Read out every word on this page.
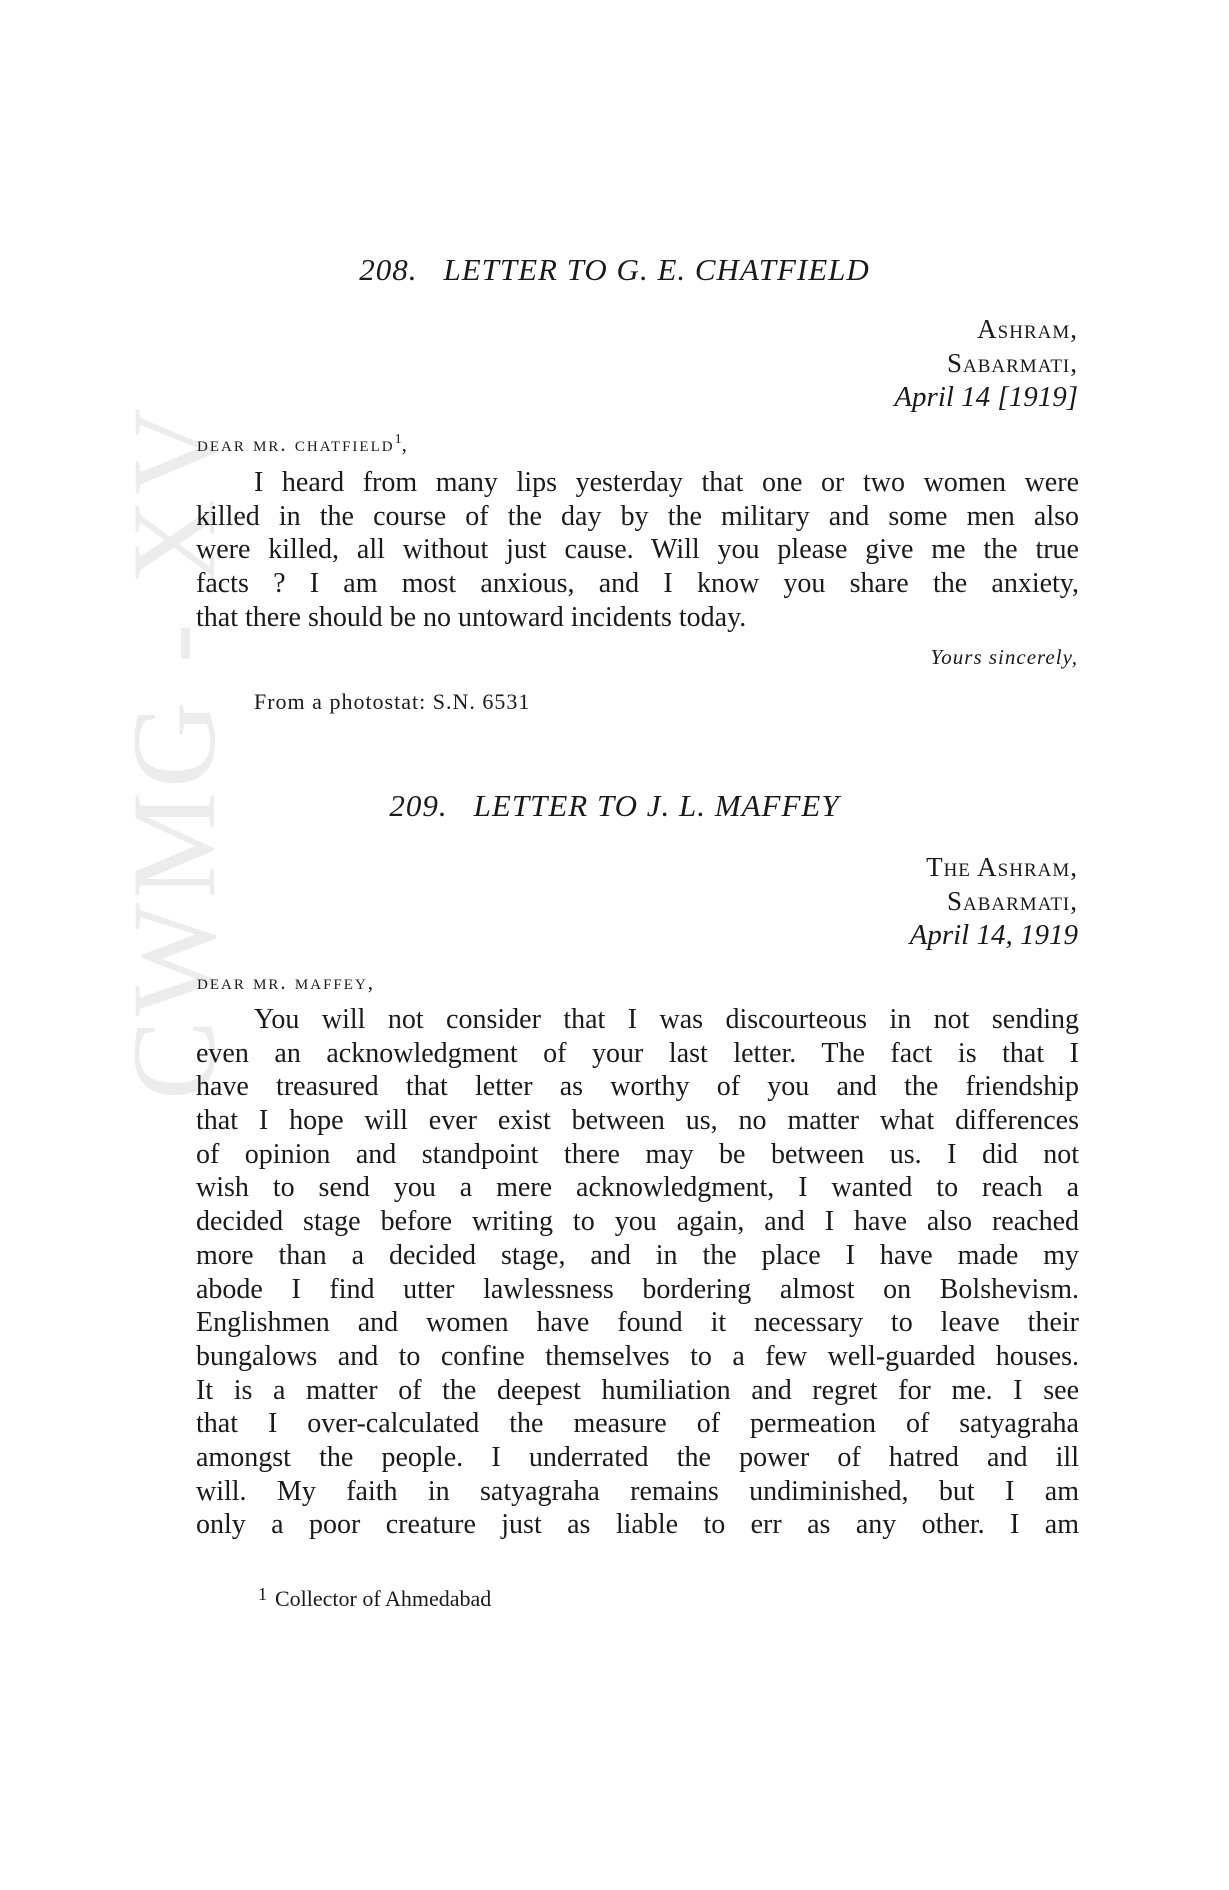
CWMG - XV
208. LETTER TO G. E. CHATFIELD
Ashram,
Sabarmati,
April 14 [1919]
dear mr. chatfield$^1$,
I heard from many lips yesterday that one or two women were
killed in the course of the day by the military and some men also
were killed, all without just cause. Will you please give me the true
facts ? I am most anxious, and I know you share the anxiety,
that there should be no untoward incidents today.
Yours sincerely,
From a photostat: S.N. 6531
209. LETTER TO J. L. MAFFEY
The Ashram,
Sabarmati,
April 14, 1919
dear mr. maffey,
You will not consider that I was discourteous in not sending
even an acknowledgment of your last letter. The fact is that I
have treasured that letter as worthy of you and the friendship
that I hope will ever exist between us, no matter what differences
of opinion and standpoint there may be between us. I did not
wish to send you a mere acknowledgment, I wanted to reach a
decided stage before writing to you again, and I have also reached
more than a decided stage, and in the place I have made my
abode I find utter lawlessness bordering almost on Bolshevism.
Englishmen and women have found it necessary to leave their
bungalows and to confine themselves to a few well-guarded houses.
It is a matter of the deepest humiliation and regret for me. I see
that I over-calculated the measure of permeation of satyagraha
amongst the people. I underrated the power of hatred and ill
will. My faith in satyagraha remains undiminished, but I am
only a poor creature just as liable to err as any other. I am
$^1$ Collector of Ahmedabad
